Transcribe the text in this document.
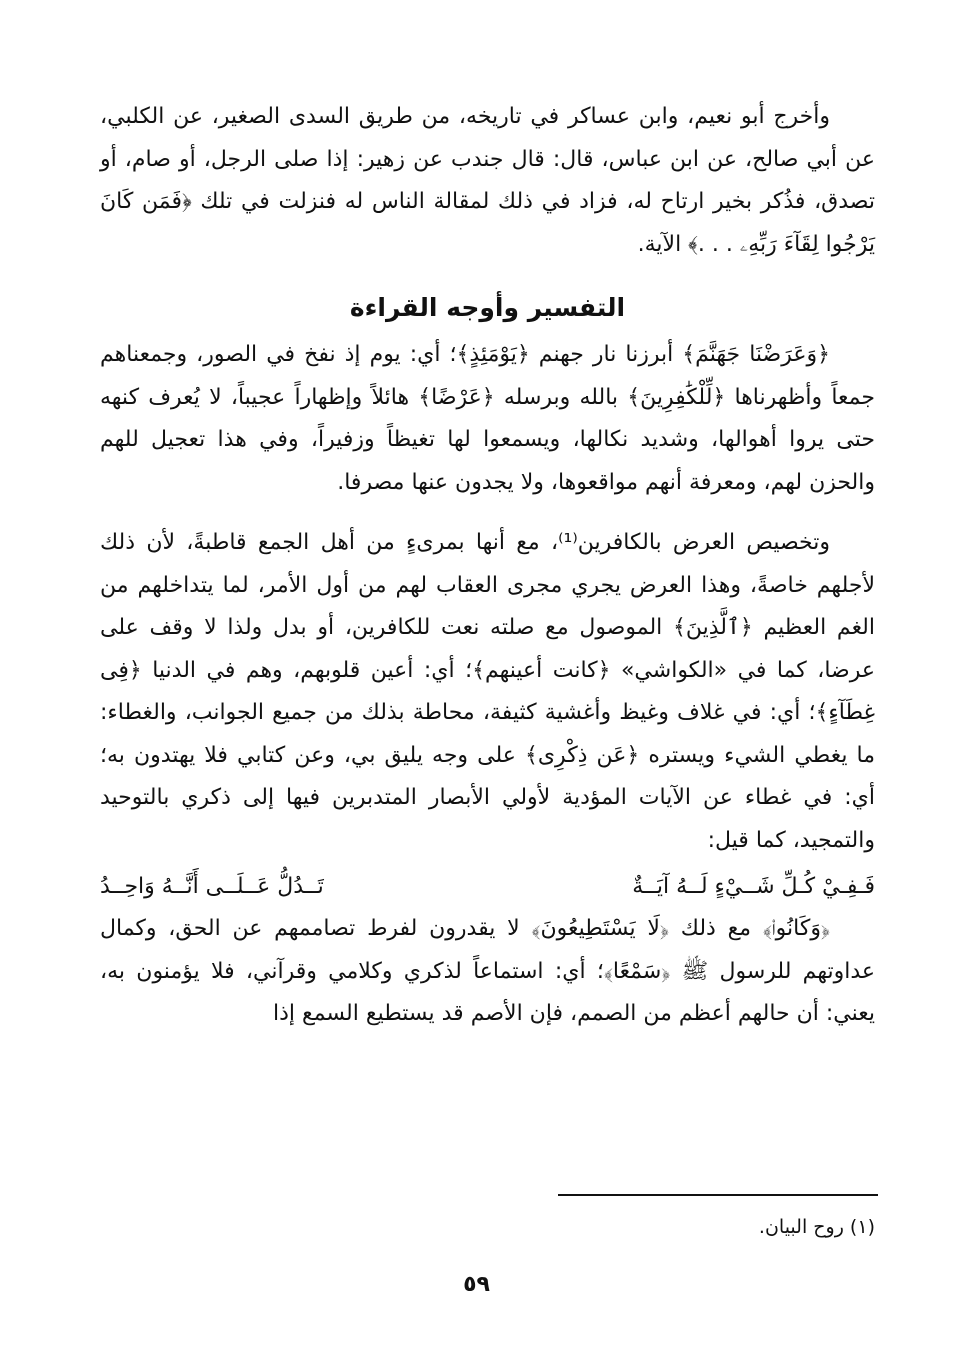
وأخرج أبو نعيم، وابن عساكر في تاريخه، من طريق السدى الصغير، عن الكلبي، عن أبي صالح، عن ابن عباس، قال: قال جندب عن زهير: إذا صلى الرجل، أو صام، أو تصدق، فذُكر بخير ارتاح له، فزاد في ذلك لمقالة الناس له فنزلت في تلك ﴿فَمَن كَانَ يَرْجُوا لِقَآءَ رَبِّهِۦ . . .﴾ الآية.

التفسير وأوجه القراءة

﴿وَعَرَضْنَا جَهَنَّمَ﴾ أبرزنا نار جهنم ﴿يَوْمَئِذٍ﴾؛ أي: يوم إذ نفخ في الصور، وجمعناهم جمعاً وأظهرناها ﴿لِّلْكَٰفِرِينَ﴾ بالله وبرسله ﴿عَرْضًا﴾ هائلاً وإظهاراً عجيباً، لا يُعرف كنهه حتى يروا أهوالها، وشديد نكالها، ويسمعوا لها تغيظاً وزفيراً، وفي هذا تعجيل للهم والحزن لهم، ومعرفة أنهم مواقعوها، ولا يجدون عنها مصرفا.

وتخصيص العرض بالكافرين⁽¹⁾، مع أنها بمرىءٍ من أهل الجمع قاطبةً، لأن ذلك لأجلهم خاصةً، وهذا العرض يجري مجرى العقاب لهم من أول الأمر، لما يتداخلهم من الغم العظيم ﴿ٱلَّذِينَ﴾ الموصول مع صلته نعت للكافرين، أو بدل ولذا لا وقف على عرضا، كما في «الكواشي» ﴿كانت أعينهم﴾؛ أي: أعين قلوبهم، وهم في الدنيا ﴿فِى غِطَآءٍ﴾؛ أي: في غلاف وغيظ وأغشية كثيفة، محاطة بذلك من جميع الجوانب، والغطاء: ما يغطي الشيء ويستره ﴿عَن ذِكْرِى﴾ على وجه يليق بي، وعن كتابي فلا يهتدون به؛ أي: في غطاء عن الآيات المؤدية لأولي الأبصار المتدبرين فيها إلى ذكري بالتوحيد والتمجيد، كما قيل:

فَـفِـيْ كُـلِّ شَــيْءٍ لَــهُ آيَــةٌ
تَــدُلُّ عَــلَــى أَنَّــهُ وَاحِــدُ

﴿وَكَانُوا۟﴾ مع ذلك ﴿لَا يَسْتَطِيعُونَ﴾ لا يقدرون لفرط تصاممهم عن الحق، وكمال عداوتهم للرسول ﷺ ﴿سَمْعًا﴾؛ أي: استماعاً لذكري وكلامي وقرآني، فلا يؤمنون به، يعني: أن حالهم أعظم من الصمم، فإن الأصم قد يستطيع السمع إذا

(١) روح البيان.
٥٩
